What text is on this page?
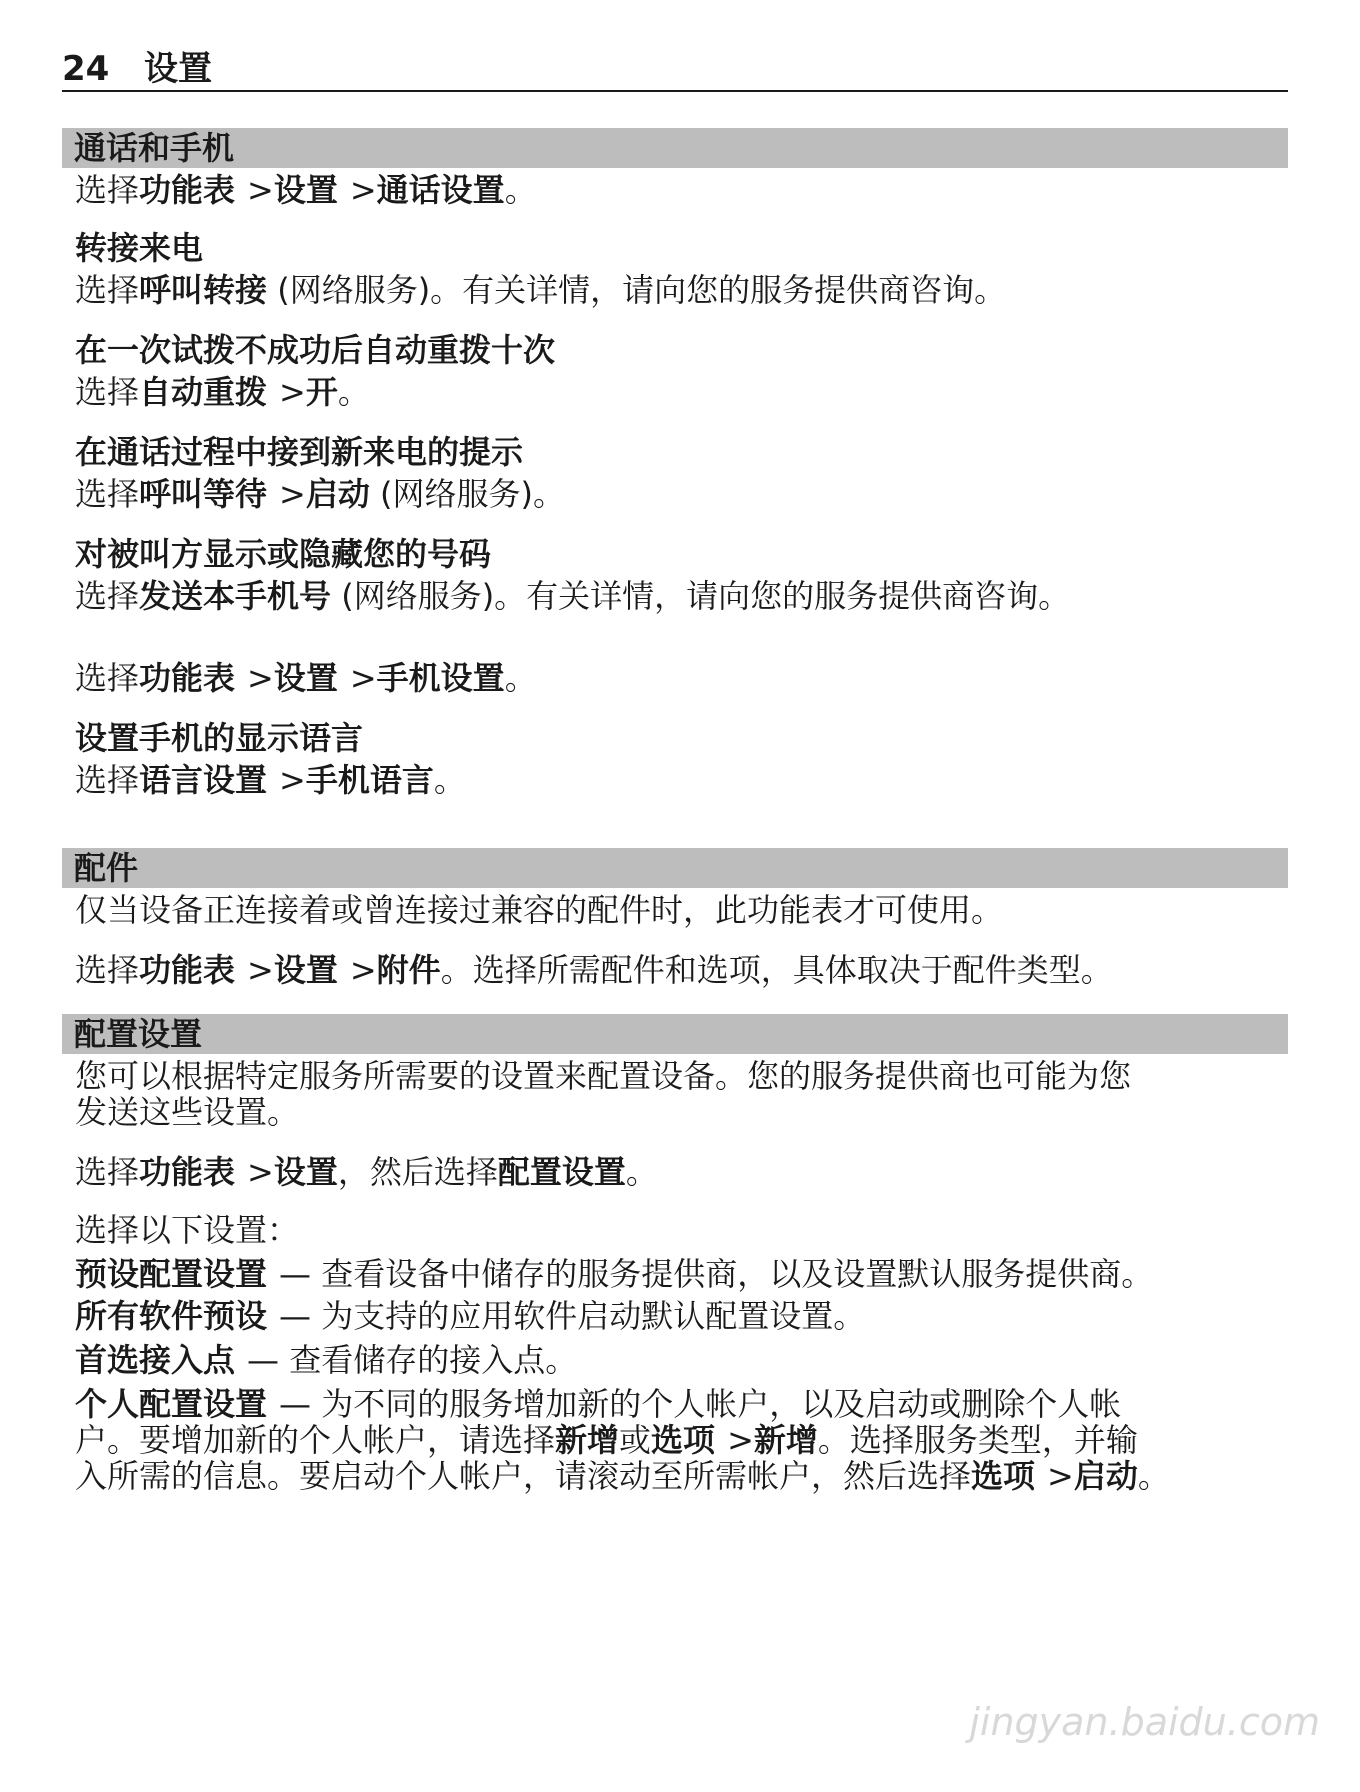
24 设置
通话和手机
选择功能表 >设置 >通话设置。
转接来电
选择呼叫转接 (网络服务)。有关详情，请向您的服务提供商咨询。
在一次试拨不成功后自动重拨十次
选择自动重拨 >开。
在通话过程中接到新来电的提示
选择呼叫等待 >启动 (网络服务)。
对被叫方显示或隐藏您的号码
选择发送本手机号 (网络服务)。有关详情，请向您的服务提供商咨询。
选择功能表 >设置 >手机设置。
设置手机的显示语言
选择语言设置 >手机语言。
配件
仅当设备正连接着或曾连接过兼容的配件时，此功能表才可使用。
选择功能表 >设置 >附件。选择所需配件和选项，具体取决于配件类型。
配置设置
您可以根据特定服务所需要的设置来配置设备。您的服务提供商也可能为您
发送这些设置。
选择功能表 >设置，然后选择配置设置。
选择以下设置：
预设配置设置 — 查看设备中储存的服务提供商，以及设置默认服务提供商。
所有软件预设 — 为支持的应用软件启动默认配置设置。
首选接入点 — 查看储存的接入点。
个人配置设置 — 为不同的服务增加新的个人帐户，以及启动或删除个人帐
户。要增加新的个人帐户，请选择新增或选项 >新增。选择服务类型，并输
入所需的信息。要启动个人帐户，请滚动至所需帐户，然后选择选项 >启动。
jingyan.baidu.com
